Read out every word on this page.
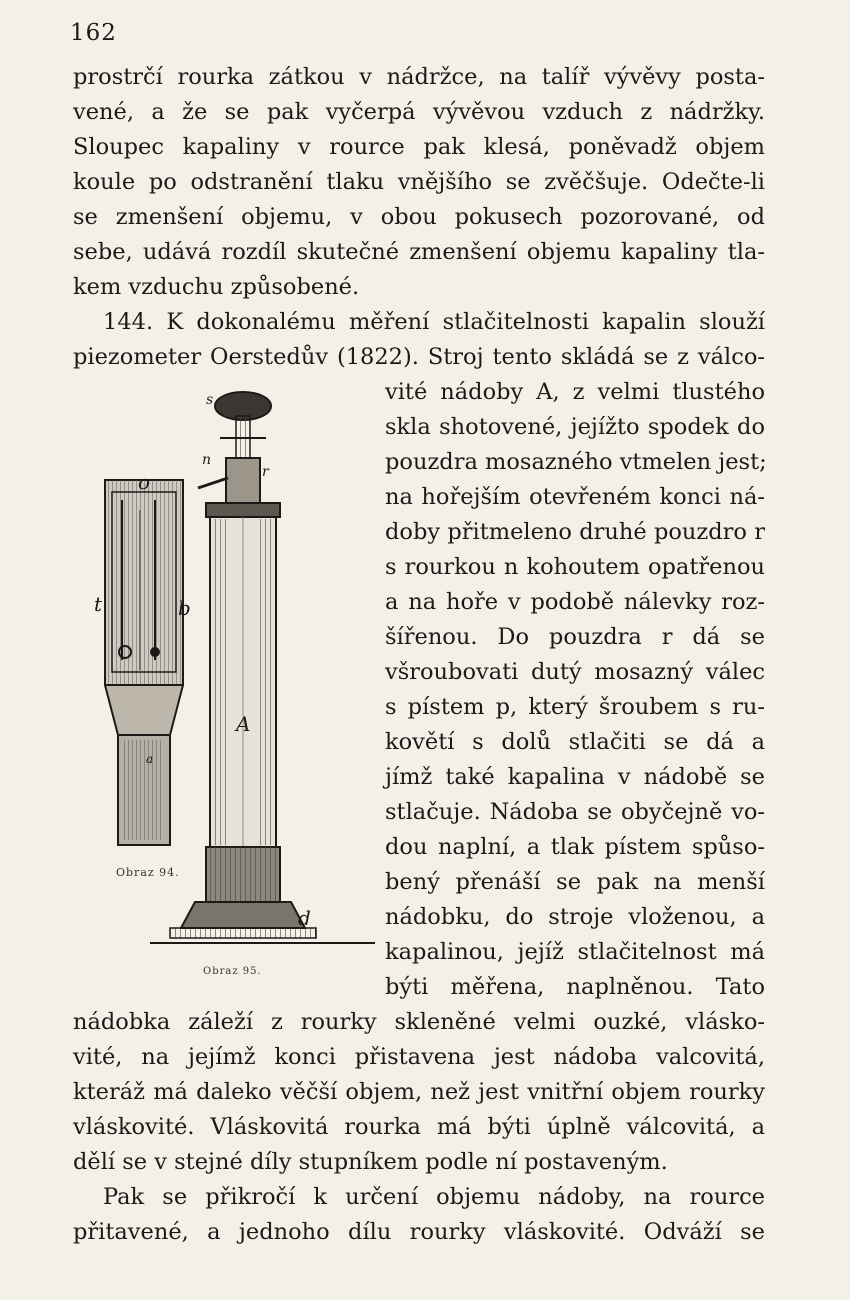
162
prostrčí rourka zátkou v nádržce, na talíř vývěvy posta-
vené, a že se pak vyčerpá vývěvou vzduch z nádržky.
Sloupec kapaliny v rource pak klesá, poněvadž objem
koule po odstranění tlaku vnějšího se zvěčšuje. Odečte-li
se zmenšení objemu, v obou pokusech pozorované, od
sebe, udává rozdíl skutečné zmenšení objemu kapaliny tla-
kem vzduchu způsobené.
144. K dokonalému měření stlačitelnosti kapalin slouží
piezometer Oerstedův (1822). Stroj tento skládá se z válco-
vité nádoby A, z velmi tlustého
skla shotovené, jejížto spodek do
pouzdra mosazného vtmelen jest;
na hořejším otevřeném konci ná-
doby přitmeleno druhé pouzdro r
s rourkou n kohoutem opatřenou
a na hoře v podobě nálevky roz-
šířenou. Do pouzdra r dá se
všroubovati dutý mosazný válec
s pístem p, který šroubem s ru-
kovětí s dolů stlačiti se dá a
jímž také kapalina v nádobě se
stlačuje. Nádoba se obyčejně vo-
dou naplní, a tlak pístem spůso-
bený přenáší se pak na menší
nádobku, do stroje vloženou, a
kapalinou, jejíž stlačitelnost má
býti měřena, naplněnou. Tato
nádobka záleží z rourky skleněné velmi ouzké, vlásko-
vité, na jejímž konci přistavena jest nádoba valcovitá,
kteráž má daleko věčší objem, než jest vnitřní objem rourky
vláskovité. Vláskovitá rourka má býti úplně válcovitá, a
dělí se v stejné díly stupníkem podle ní postaveným.
Pak se přikročí k určení objemu nádoby, na rource
přitavené, a jednoho dílu rourky vláskovité. Odváží se
o
t	b
a
Obraz 94.
s
n
r
A
d
Obraz 95.
